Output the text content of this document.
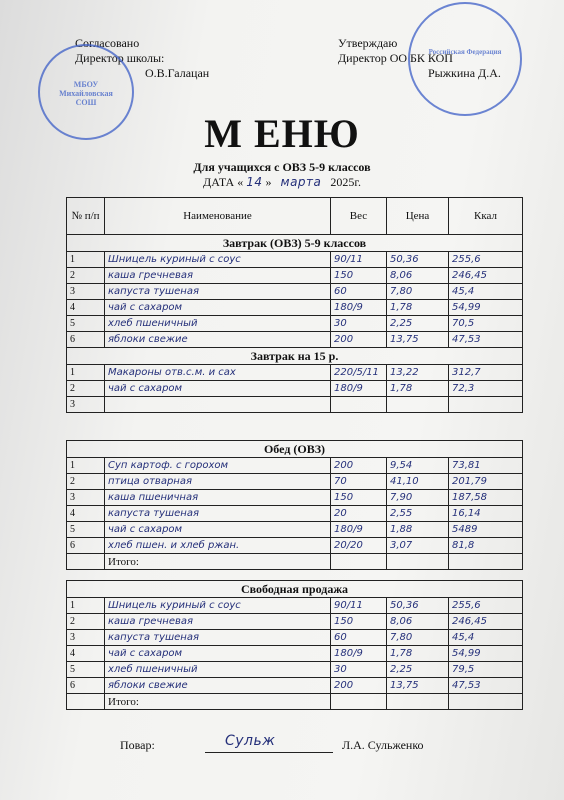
Согласовано
Директор школы:
О.В.Галацан
МБОУ Михайловская СОШ
Утверждаю
Директор ОО БК КОП
Рыжкина Д.А.
Российская Федерация
М ЕНЮ
Для учащихся с ОВЗ 5-9 классов
ДАТА « 14 » марта 2025г.
№ п/п	Наименование	Вес	Цена	Ккал
Завтрак (ОВЗ) 5-9 классов				
1	Шницель куриный с соус	90/11	50,36	255,6
2	каша гречневая	150	8,06	246,45
3	капуста тушеная	60	7,80	45,4
4	чай с сахаром	180/9	1,78	54,99
5	хлеб пшеничный	30	2,25	70,5
6	яблоки свежие	200	13,75	47,53
Завтрак на 15 р.				
1	Макароны отв.с.м. и сах	220/5/11	13,22	312,7
2	чай с сахаром	180/9	1,78	72,3
3				
Обед (ОВЗ)				
1	Суп картоф. с горохом	200	9,54	73,81
2	птица отварная	70	41,10	201,79
3	каша пшеничная	150	7,90	187,58
4	капуста тушеная	20	2,55	16,14
5	чай с сахаром	180/9	1,88	5489
6	хлеб пшен. и хлеб ржан.	20/20	3,07	81,8
	Итого:			
Свободная продажа				
1	Шницель куриный с соус	90/11	50,36	255,6
2	каша гречневая	150	8,06	246,45
3	капуста тушеная	60	7,80	45,4
4	чай с сахаром	180/9	1,78	54,99
5	хлеб пшеничный	30	2,25	79,5
6	яблоки свежие	200	13,75	47,53
	Итого:			
Повар:	Сульж	Л.А. Сульженко
